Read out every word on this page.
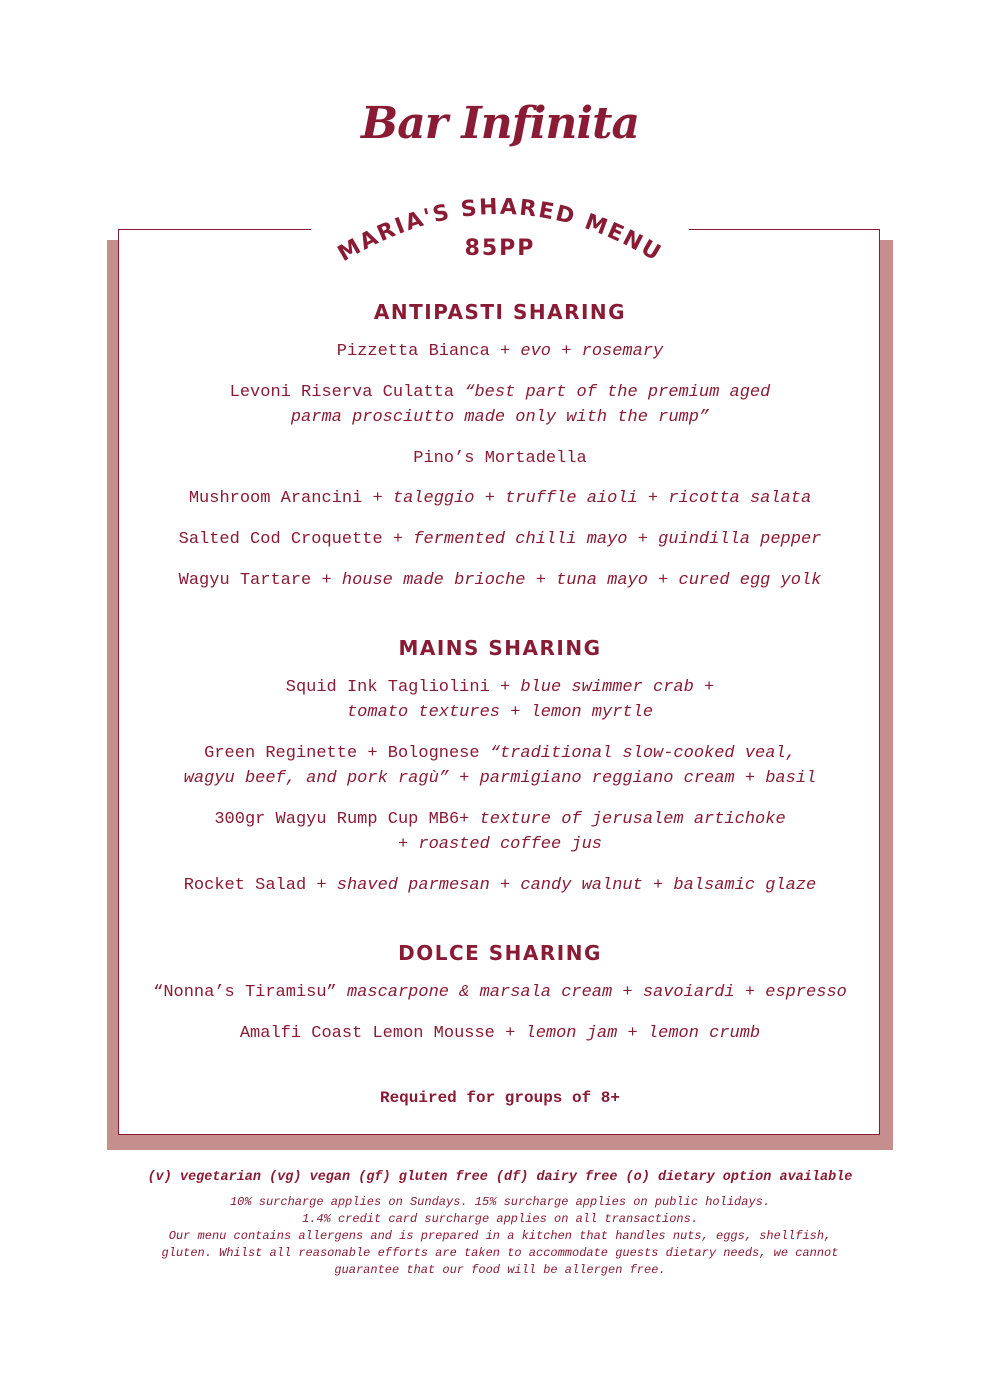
Bar Infinita
MARIA'S SHARED MENU
85PP
ANTIPASTI SHARING
Pizzetta Bianca + evo + rosemary
Levoni Riserva Culatta “best part of the premium aged
parma prosciutto made only with the rump”
Pino’s Mortadella
Mushroom Arancini + taleggio + truffle aioli + ricotta salata
Salted Cod Croquette + fermented chilli mayo + guindilla pepper
Wagyu Tartare + house made brioche + tuna mayo + cured egg yolk
MAINS SHARING
Squid Ink Tagliolini + blue swimmer crab +
tomato textures + lemon myrtle
Green Reginette + Bolognese “traditional slow-cooked veal,
wagyu beef, and pork ragù” + parmigiano reggiano cream + basil
300gr Wagyu Rump Cup MB6+ texture of jerusalem artichoke
+ roasted coffee jus
Rocket Salad + shaved parmesan + candy walnut + balsamic glaze
DOLCE SHARING
“Nonna’s Tiramisu” mascarpone & marsala cream + savoiardi + espresso
Amalfi Coast Lemon Mousse + lemon jam + lemon crumb
Required for groups of 8+
(v) vegetarian (vg) vegan (gf) gluten free (df) dairy free (o) dietary option available
10% surcharge applies on Sundays. 15% surcharge applies on public holidays.
1.4% credit card surcharge applies on all transactions.
Our menu contains allergens and is prepared in a kitchen that handles nuts, eggs, shellfish,
gluten. Whilst all reasonable efforts are taken to accommodate guests dietary needs, we cannot
guarantee that our food will be allergen free.
